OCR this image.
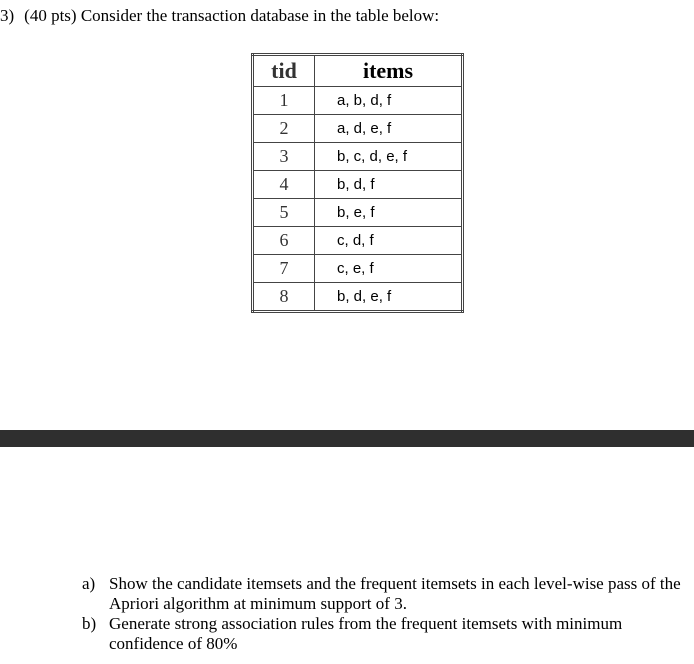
3) (40 pts) Consider the transaction database in the table below:
tid	items
1	a, b, d, f
2	a, d, e, f
3	b, c, d, e, f
4	b, d, f
5	b, e, f
6	c, d, f
7	c, e, f
8	b, d, e, f
a) Show the candidate itemsets and the frequent itemsets in each level-wise pass of the Apriori algorithm at minimum support of 3.
b) Generate strong association rules from the frequent itemsets with minimum confidence of 80%
